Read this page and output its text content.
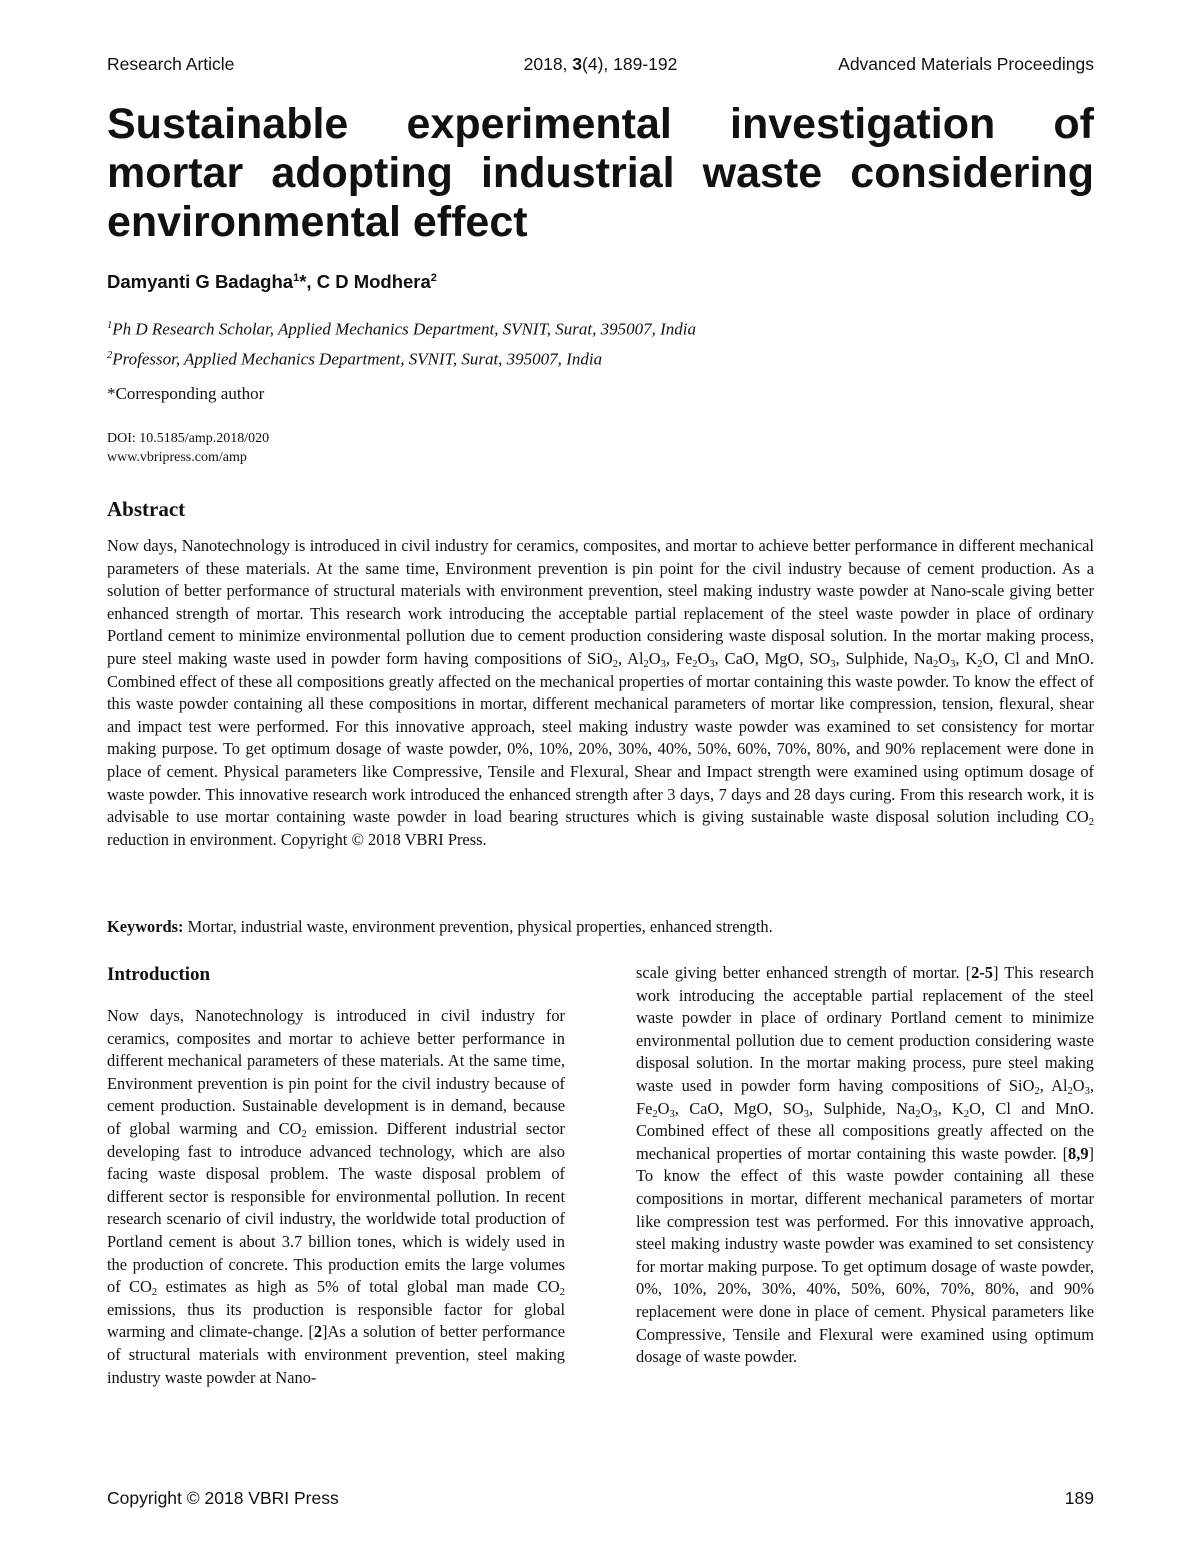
Research Article	2018, 3(4), 189-192	Advanced Materials Proceedings
Sustainable experimental investigation of
mortar adopting industrial waste considering
environmental effect
Damyanti G Badagha$^1$*, C D Modhera$^2$
$^1$Ph D Research Scholar, Applied Mechanics Department, SVNIT, Surat, 395007, India
$^2$Professor, Applied Mechanics Department, SVNIT, Surat, 395007, India
*Corresponding author
DOI: 10.5185/amp.2018/020
www.vbripress.com/amp
Abstract
Now days, Nanotechnology is introduced in civil industry for ceramics, composites, and mortar to achieve better performance in different mechanical parameters of these materials. At the same time, Environment prevention is pin point for the civil industry because of cement production. As a solution of better performance of structural materials with environment prevention, steel making industry waste powder at Nano-scale giving better enhanced strength of mortar. This research work introducing the acceptable partial replacement of the steel waste powder in place of ordinary Portland cement to minimize environmental pollution due to cement production considering waste disposal solution. In the mortar making process, pure steel making waste used in powder form having compositions of SiO$_2$, $Al_2O_3$, $Fe_2O_3$, CaO, MgO, $SO_3$, Sulphide, $Na_2O_3$, $K_2O$, Cl and MnO. Combined effect of these all compositions greatly affected on the mechanical properties of mortar containing this waste powder. To know the effect of this waste powder containing all these compositions in mortar, different mechanical parameters of mortar like compression, tension, flexural, shear and impact test were performed. For this innovative approach, steel making industry waste powder was examined to set consistency for mortar making purpose. To get optimum dosage of waste powder, 0%, 10%, 20%, 30%, 40%, 50%, 60%, 70%, 80%, and 90% replacement were done in place of cement. Physical parameters like Compressive, Tensile and Flexural, Shear and Impact strength were examined using optimum dosage of waste powder. This innovative research work introduced the enhanced strength after 3 days, 7 days and 28 days curing. From this research work, it is advisable to use mortar containing waste powder in load bearing structures which is giving sustainable waste disposal solution including $CO_2$ reduction in environment. Copyright © 2018 VBRI Press.
Keywords: Mortar, industrial waste, environment prevention, physical properties, enhanced strength.
Introduction
Now days, Nanotechnology is introduced in civil industry for ceramics, composites and mortar to achieve better performance in different mechanical parameters of these materials. At the same time, Environment prevention is pin point for the civil industry because of cement production. Sustainable development is in demand, because of global warming and $CO_2$ emission. Different industrial sector developing fast to introduce advanced technology, which are also facing waste disposal problem. The waste disposal problem of different sector is responsible for environmental pollution. In recent research scenario of civil industry, the worldwide total production of Portland cement is about 3.7 billion tones, which is widely used in the production of concrete. This production emits the large volumes of $CO_2$ estimates as high as 5% of total global man made $CO_2$ emissions, thus its production is responsible factor for global warming and climate-change. [2]As a solution of better performance of structural materials with environment prevention, steel making industry waste powder at Nano-
scale giving better enhanced strength of mortar. [2-5] This research work introducing the acceptable partial replacement of the steel waste powder in place of ordinary Portland cement to minimize environmental pollution due to cement production considering waste disposal solution. In the mortar making process, pure steel making waste used in powder form having compositions of SiO$_2$, $Al_2O_3$, $Fe_2O_3$, CaO, MgO, $SO_3$, Sulphide, $Na_2O_3$, $K_2O$, Cl and MnO. Combined effect of these all compositions greatly affected on the mechanical properties of mortar containing this waste powder. [8,9] To know the effect of this waste powder containing all these compositions in mortar, different mechanical parameters of mortar like compression test was performed. For this innovative approach, steel making industry waste powder was examined to set consistency for mortar making purpose. To get optimum dosage of waste powder, 0%, 10%, 20%, 30%, 40%, 50%, 60%, 70%, 80%, and 90% replacement were done in place of cement. Physical parameters like Compressive, Tensile and Flexural were examined using optimum dosage of waste powder.
Copyright © 2018 VBRI Press	189
